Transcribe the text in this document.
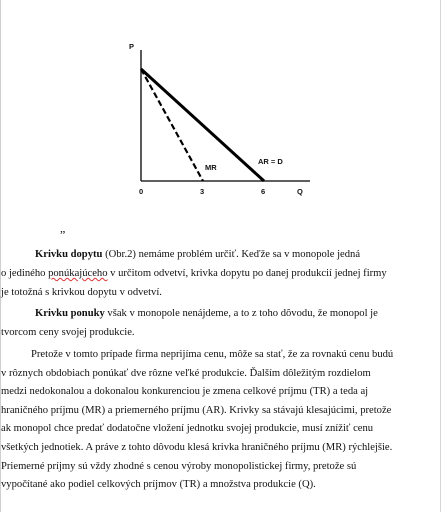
P
0	3	6	Q
MR
AR = D
„

Krivku dopytu (Obr.2) nemáme problém určiť. Keďže sa v monopole jedná
o jediného ponúkajúceho v určitom odvetví, krivka dopytu po danej produkcií jednej firmy
je totožná s krivkou dopytu v odvetví.

Krivku ponuky však v monopole nenájdeme, a to z toho dôvodu, že monopol je
tvorcom ceny svojej produkcie.

Pretože v tomto prípade firma neprijíma cenu, môže sa stať, že za rovnakú cenu budú
v rôznych obdobiach ponúkať dve rôzne veľké produkcie. Ďalším dôležitým rozdielom
medzi nedokonalou a dokonalou konkurenciou je zmena celkové príjmu (TR) a teda aj
hraničného príjmu (MR) a priemerného príjmu (AR). Krivky sa stávajú klesajúcimi, pretože
ak monopol chce predať dodatočne vložení jednotku svojej produkcie, musí znížiť cenu
všetkých jednotiek. A práve z tohto dôvodu klesá krivka hraničného príjmu (MR) rýchlejšie.
Priemerné príjmy sú vždy zhodné s cenou výroby monopolistickej firmy, pretože sú
vypočítané ako podiel celkových príjmov (TR) a množstva produkcie (Q).
